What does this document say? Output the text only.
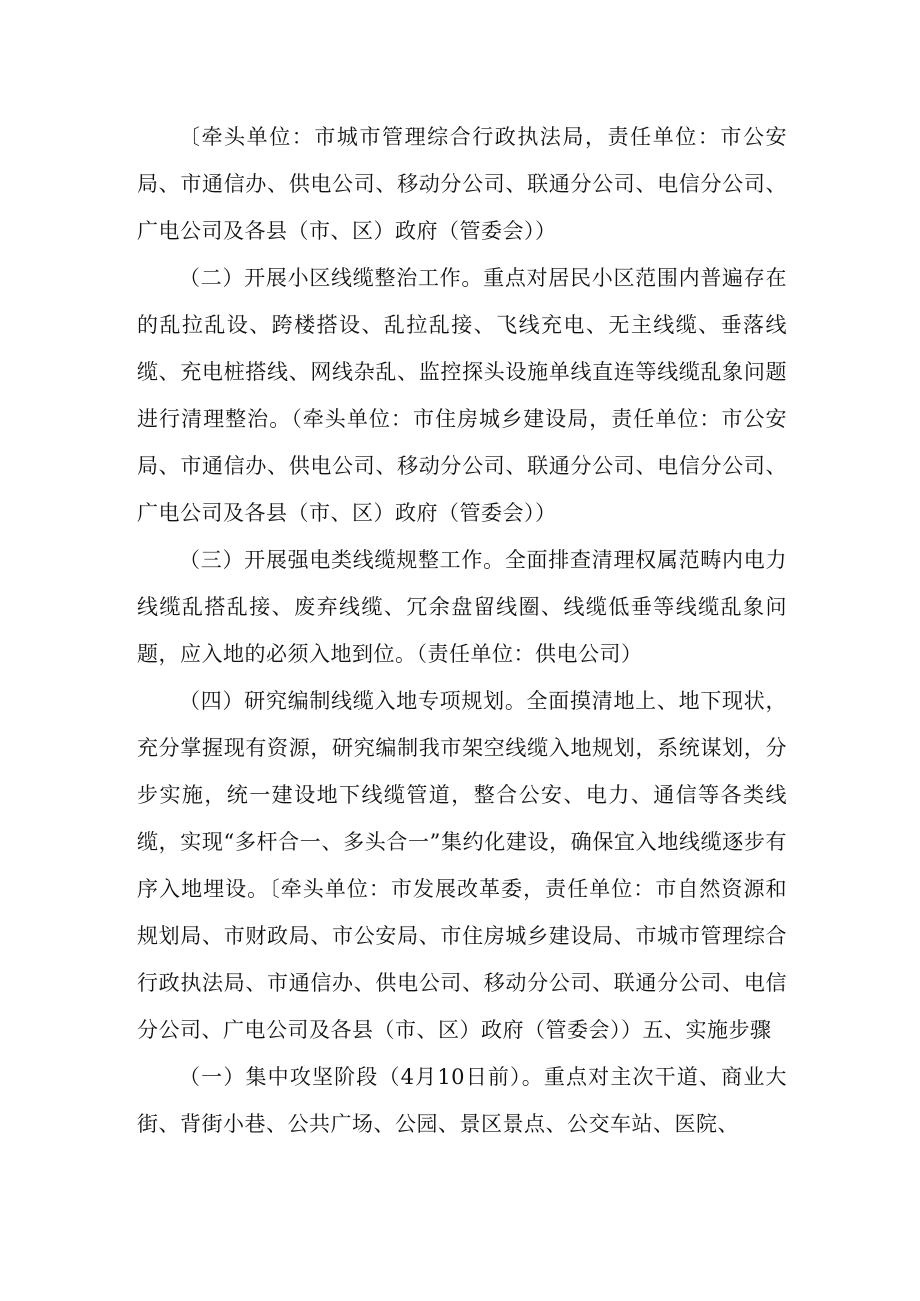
〔牵头单位：市城市管理综合行政执法局，责任单位：市公安局、市通信办、供电公司、移动分公司、联通分公司、电信分公司、广电公司及各县（市、区）政府（管委会））

（二）开展小区线缆整治工作。重点对居民小区范围内普遍存在的乱拉乱设、跨楼搭设、乱拉乱接、飞线充电、无主线缆、垂落线缆、充电桩搭线、网线杂乱、监控探头设施单线直连等线缆乱象问题进行清理整治。（牵头单位：市住房城乡建设局，责任单位：市公安局、市通信办、供电公司、移动分公司、联通分公司、电信分公司、广电公司及各县（市、区）政府（管委会））

（三）开展强电类线缆规整工作。全面排查清理权属范畴内电力线缆乱搭乱接、废弃线缆、冗余盘留线圈、线缆低垂等线缆乱象问题，应入地的必须入地到位。（责任单位：供电公司）

（四）研究编制线缆入地专项规划。全面摸清地上、地下现状，充分掌握现有资源，研究编制我市架空线缆入地规划，系统谋划，分步实施，统一建设地下线缆管道，整合公安、电力、通信等各类线缆，实现“多杆合一、多头合一”集约化建设，确保宜入地线缆逐步有序入地埋设。〔牵头单位：市发展改革委，责任单位：市自然资源和规划局、市财政局、市公安局、市住房城乡建设局、市城市管理综合行政执法局、市通信办、供电公司、移动分公司、联通分公司、电信分公司、广电公司及各县（市、区）政府（管委会））五、实施步骤

（一）集中攻坚阶段（4月10日前）。重点对主次干道、商业大街、背街小巷、公共广场、公园、景区景点、公交车站、医院、
